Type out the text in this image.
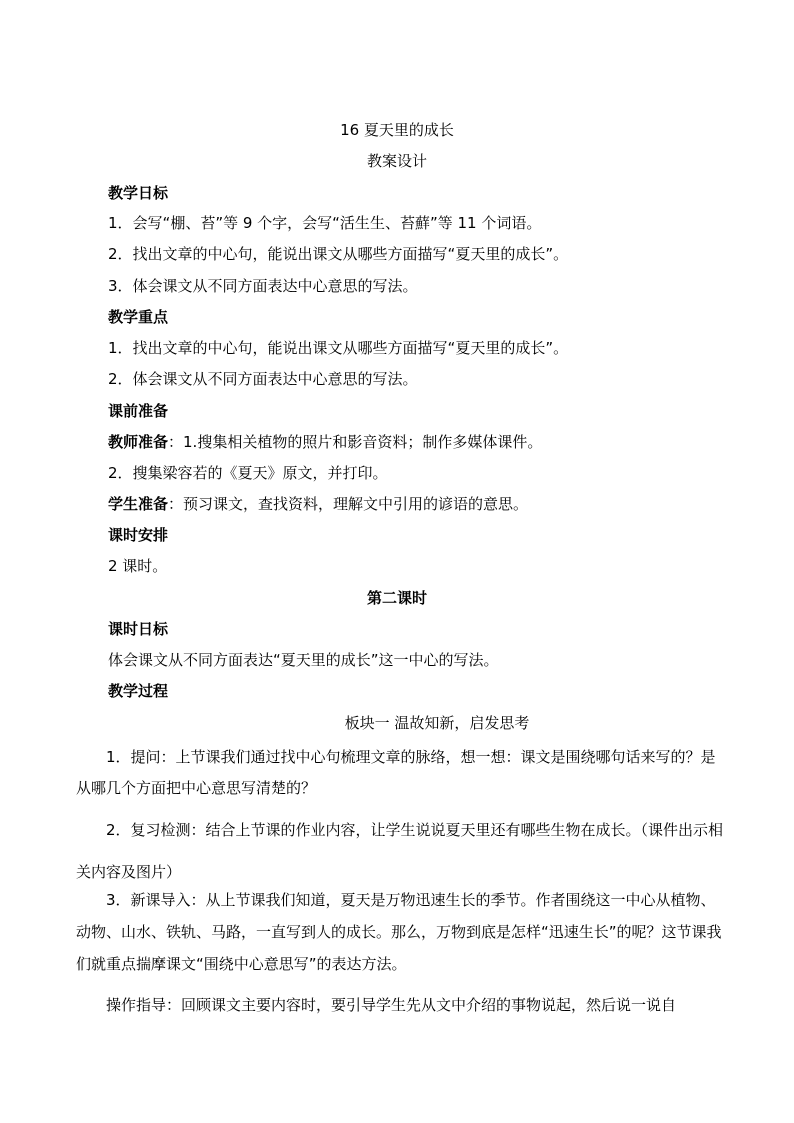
16 夏天里的成长
教案设计
教学日标
1．会写“棚、苔”等 9 个字，会写“活生生、苔蘚”等 11 个词语。
2．找出文章的中心句，能说出课文从哪些方面描写“夏天里的成长”。
3．体会课文从不同方面表达中心意思的写法。
教学重点
1．找出文章的中心句，能说出课文从哪些方面描写“夏天里的成长”。
2．体会课文从不同方面表达中心意思的写法。
课前准备
教师准备：1.搜集相关植物的照片和影音资料；制作多媒体课件。
2．搜集梁容若的《夏天》原文，并打印。
学生准备：预习课文，查找资料，理解文中引用的谚语的意思。
课时安排
2 课时。
第二课时
课时日标
体会课文从不同方面表达“夏天里的成长”这一中心的写法。
教学过程
板块一 温故知新，启发思考
1．提问：上节课我们通过找中心句梳理文章的脉络，想一想：课文是围绕哪句话来写的？是从哪几个方面把中心意思写清楚的？
2．复习检测：结合上节课的作业内容，让学生说说夏天里还有哪些生物在成长。（课件出示相关内容及图片）
3．新课导入：从上节课我们知道，夏天是万物迅速生长的季节。作者围绕这一中心从植物、动物、山水、铁轨、马路，一直写到人的成长。那么，万物到底是怎样“迅速生长”的呢？这节课我们就重点揣摩课文“围绕中心意思写”的表达方法。
操作指导：回顾课文主要内容时，要引导学生先从文中介绍的事物说起，然后说一说自
